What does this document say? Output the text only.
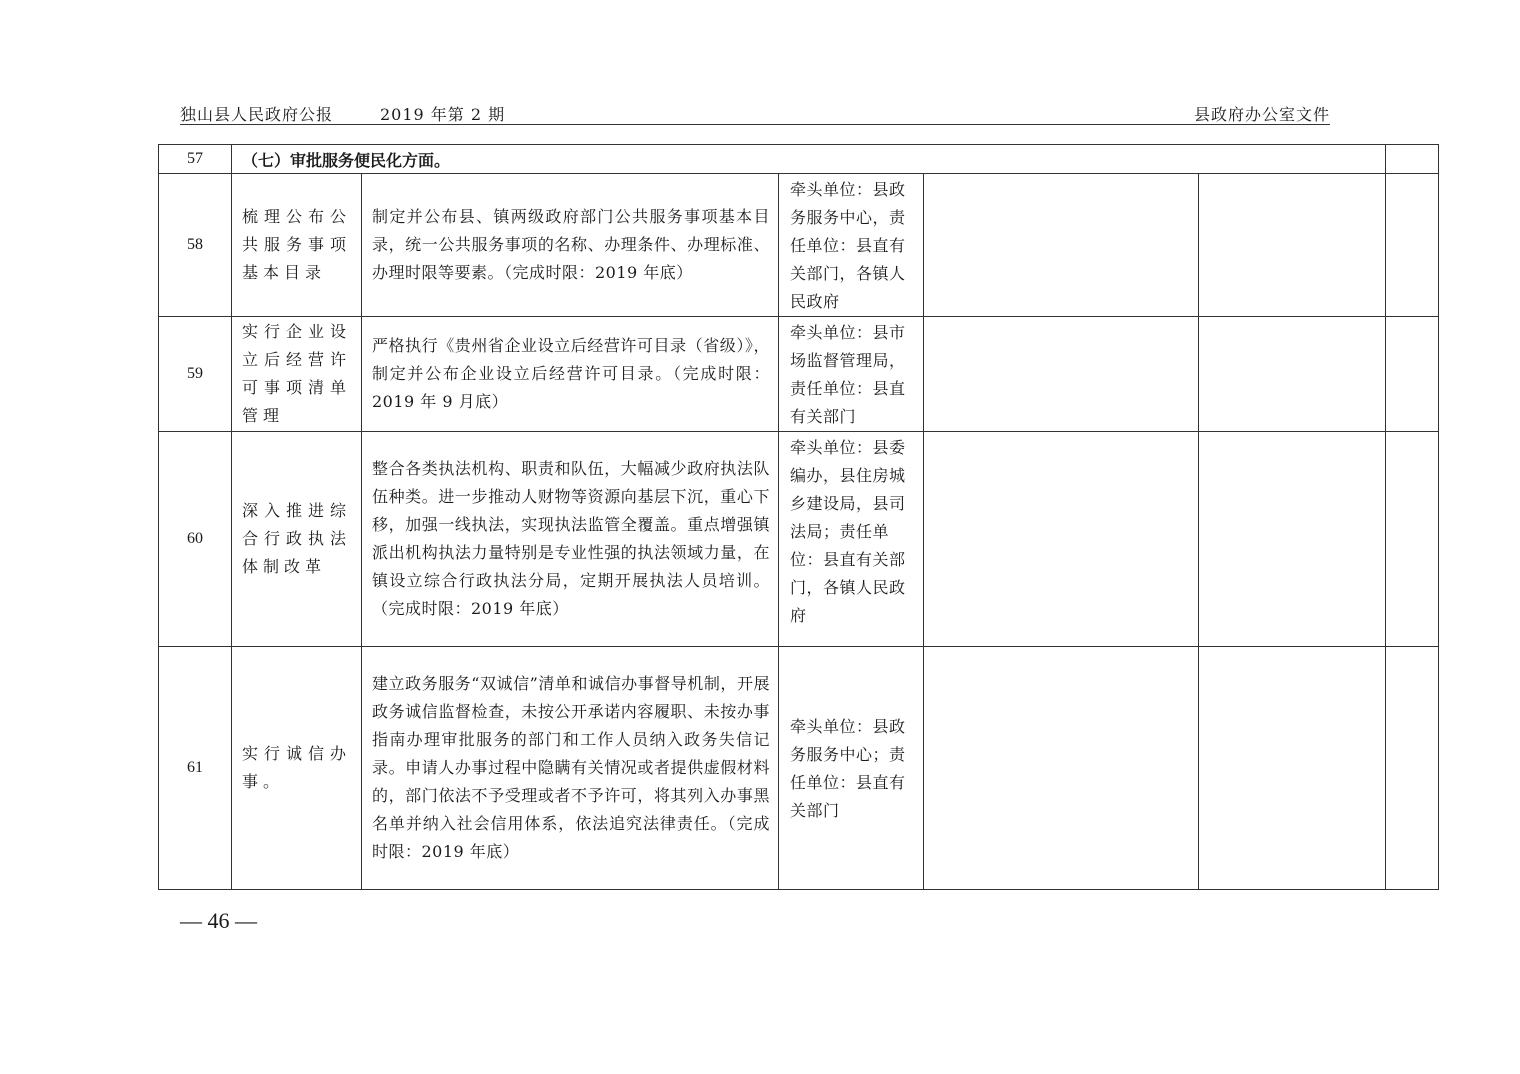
独山县人民政府公报	2019 年第 2 期	县政府办公室文件
57	（七）审批服务便民化方面。					
58	梳理公布公共服务事项基本目录	制定并公布县、镇两级政府部门公共服务事项基本目录，统一公共服务事项的名称、办理条件、办理标准、办理时限等要素。（完成时限：2019 年底）	牵头单位：县政务服务中心，责任单位：县直有关部门，各镇人民政府			
59	实行企业设立后经营许可事项清单管理	严格执行《贵州省企业设立后经营许可目录（省级）》，制定并公布企业设立后经营许可目录。（完成时限：2019 年 9 月底）	牵头单位：县市场监督管理局，责任单位：县直有关部门			
60	深入推进综合行政执法体制改革	整合各类执法机构、职责和队伍，大幅减少政府执法队伍种类。进一步推动人财物等资源向基层下沉，重心下移，加强一线执法，实现执法监管全覆盖。重点增强镇派出机构执法力量特别是专业性强的执法领域力量，在镇设立综合行政执法分局，定期开展执法人员培训。（完成时限：2019 年底）	牵头单位：县委编办，县住房城乡建设局，县司法局；责任单位：县直有关部门，各镇人民政府			
61	实行诚信办事。	建立政务服务“双诚信”清单和诚信办事督导机制，开展政务诚信监督检查，未按公开承诺内容履职、未按办事指南办理审批服务的部门和工作人员纳入政务失信记录。申请人办事过程中隐瞒有关情况或者提供虚假材料的，部门依法不予受理或者不予许可，将其列入办事黑名单并纳入社会信用体系，依法追究法律责任。（完成时限：2019 年底）	牵头单位：县政务服务中心；责任单位：县直有关部门			
— 46 —
